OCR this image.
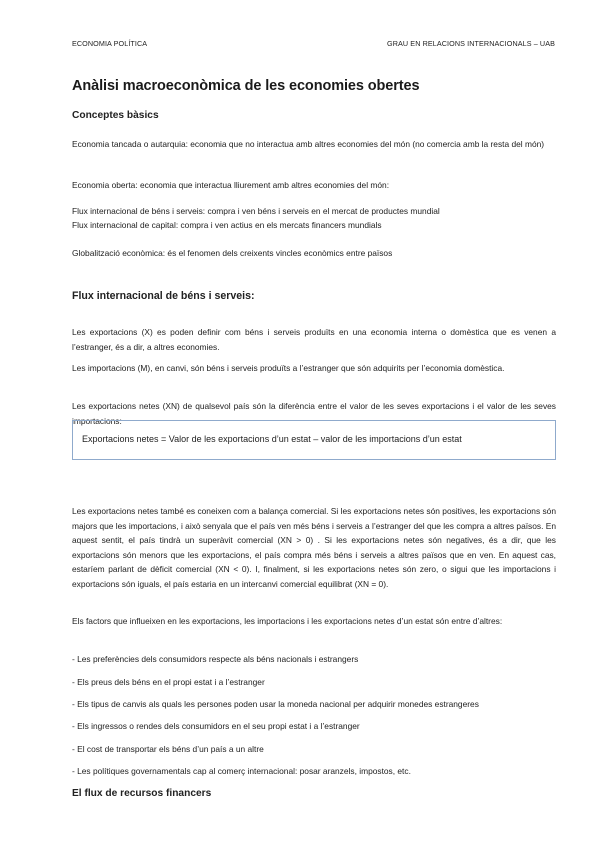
ECONOMIA POLÍTICA	GRAU EN RELACIONS INTERNACIONALS – UAB
Anàlisi macroeconòmica de les economies obertes
Conceptes bàsics
Economia tancada o autarquia: economia que no interactua amb altres economies del món (no comercia amb la resta del món)
Economia oberta: economia que interactua lliurement amb altres economies del món:
Flux internacional de béns i serveis: compra i ven béns i serveis en el mercat de productes mundial
Flux internacional de capital: compra i ven actius en els mercats financers mundials
Globalització econòmica: és el fenomen dels creixents vincles econòmics entre països
Flux internacional de béns i serveis:
Les exportacions (X) es poden definir com béns i serveis produïts en una economia interna o domèstica que es venen a l’estranger, és a dir, a altres economies.
Les importacions (M), en canvi, són béns i serveis produïts a l’estranger que són adquirits per l’economia domèstica.
Les exportacions netes (XN) de qualsevol país són la diferència entre el valor de les seves exportacions i el valor de les seves importacions:
Exportacions netes = Valor de les exportacions d’un estat – valor de les importacions d’un estat
Les exportacions netes també es coneixen com a balança comercial. Si les exportacions netes són positives, les exportacions són majors que les importacions, i això senyala que el país ven més béns i serveis a l’estranger del que les compra a altres països. En aquest sentit, el país tindrà un superàvit comercial (XN > 0) . Si les exportacions netes són negatives, és a dir, que les exportacions són menors que les exportacions, el país compra més béns i serveis a altres països que en ven. En aquest cas, estaríem parlant de dèficit comercial (XN < 0). I, finalment, si les exportacions netes són zero, o sigui que les importacions i exportacions són iguals, el país estaria en un intercanvi comercial equilibrat (XN = 0).
Els factors que influeixen en les exportacions, les importacions i les exportacions netes d’un estat són entre d’altres:
- Les preferències dels consumidors respecte als béns nacionals i estrangers
- Els preus dels béns en el propi estat i a l’estranger
- Els tipus de canvis als quals les persones poden usar la moneda nacional per adquirir monedes estrangeres
- Els ingressos o rendes dels consumidors en el seu propi estat i a l’estranger
- El cost de transportar els béns d’un país a un altre
- Les polítiques governamentals cap al comerç internacional: posar aranzels, impostos, etc.
El flux de recursos financers
